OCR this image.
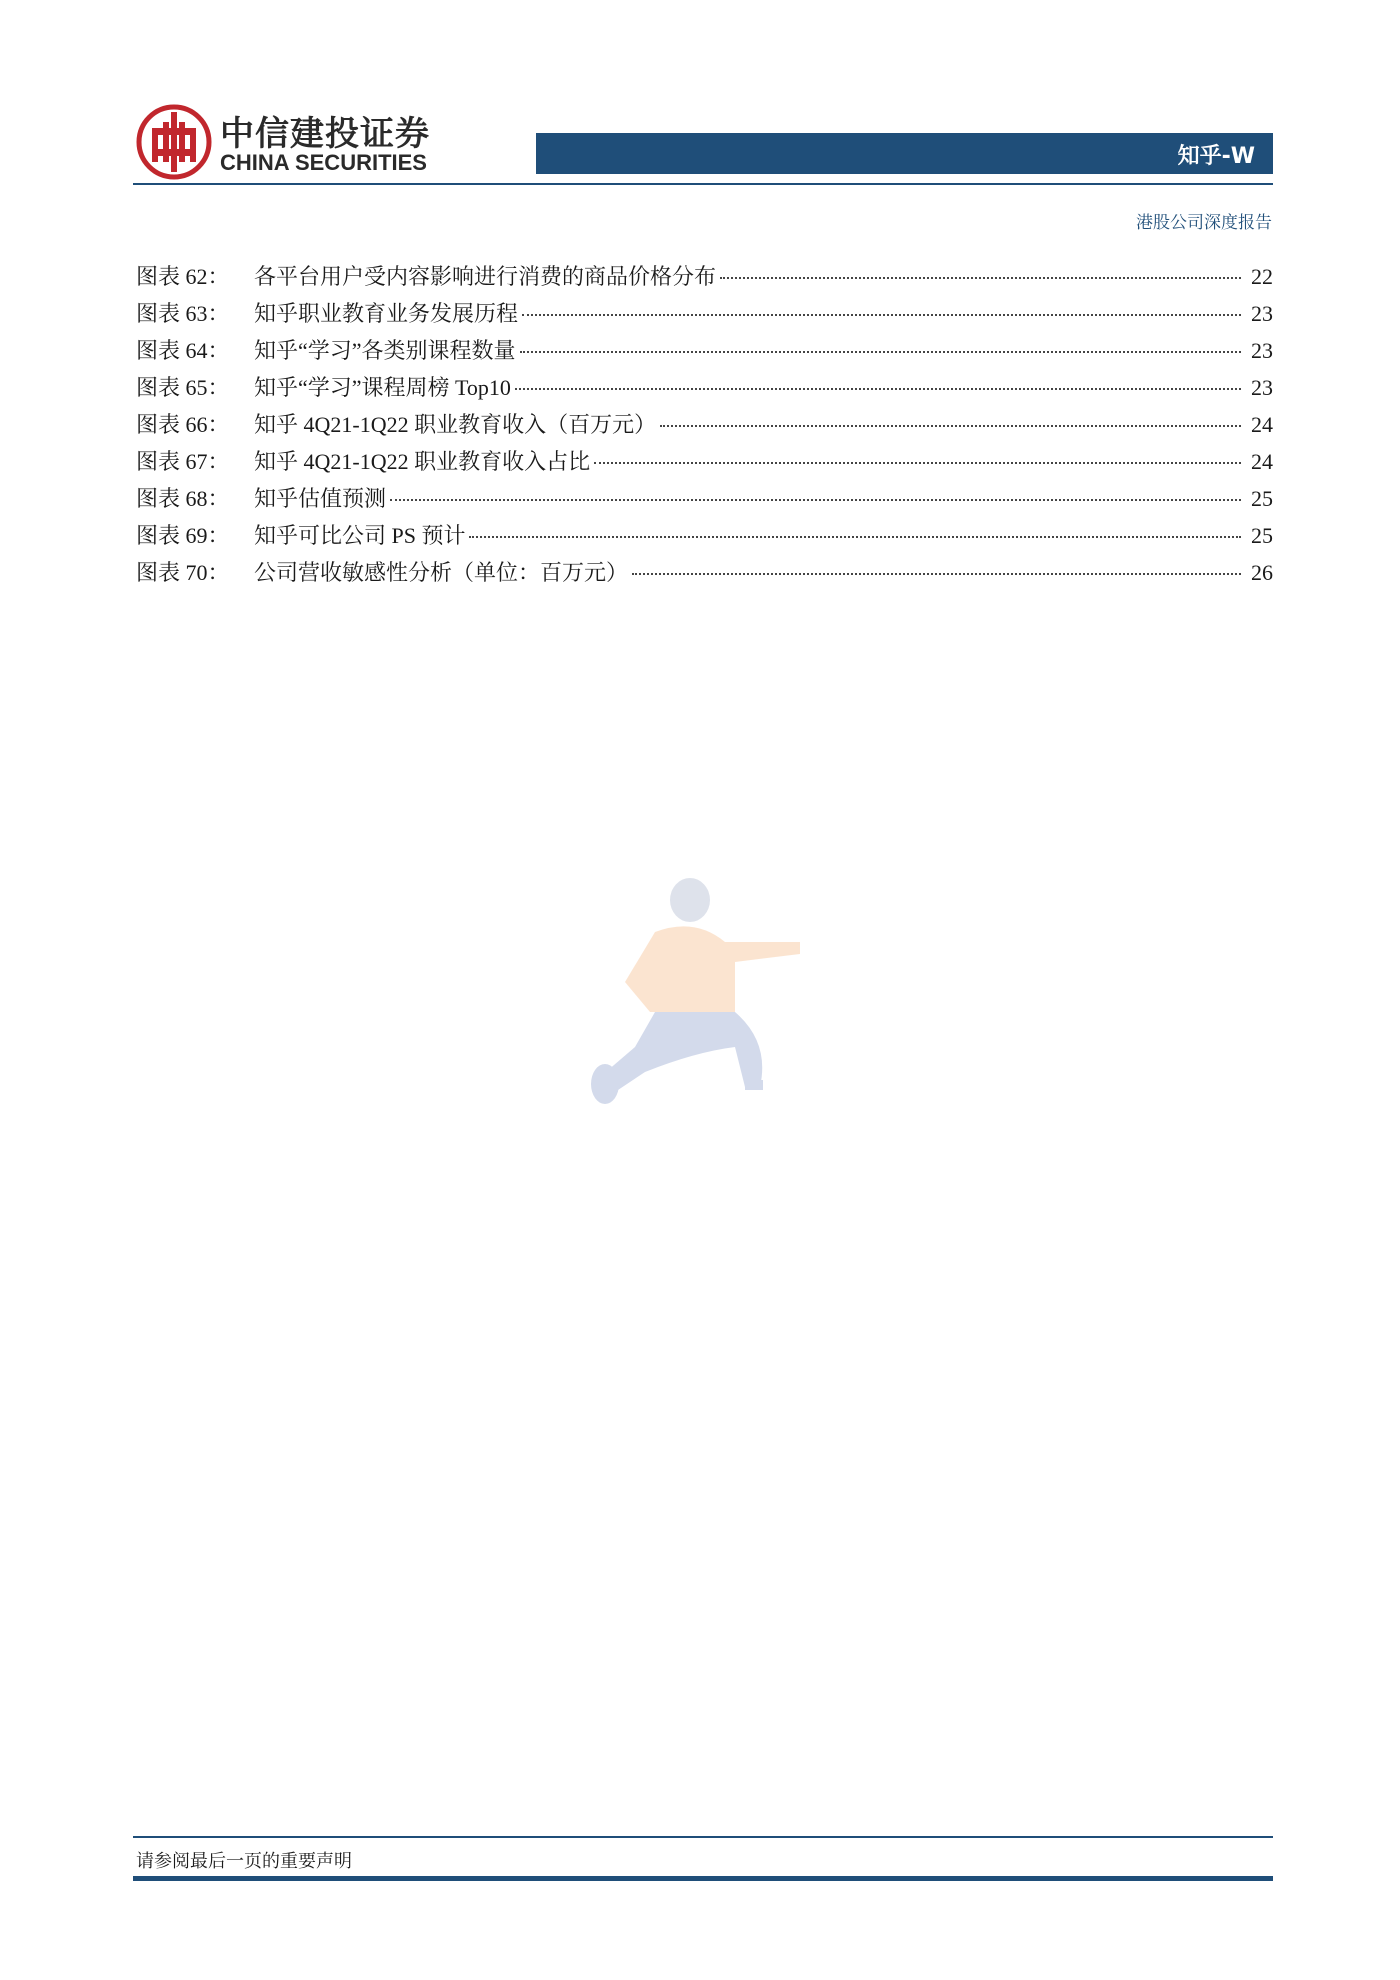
中信建投证券
CHINA SECURITIES	知乎-W
港股公司深度报告
图表 62：	各平台用户受内容影响进行消费的商品价格分布	22
图表 63：	知乎职业教育业务发展历程	23
图表 64：	知乎“学习”各类别课程数量	23
图表 65：	知乎“学习”课程周榜 Top10	23
图表 66：	知乎 4Q21-1Q22 职业教育收入（百万元）	24
图表 67：	知乎 4Q21-1Q22 职业教育收入占比	24
图表 68：	知乎估值预测	25
图表 69：	知乎可比公司 PS 预计	25
图表 70：	公司营收敏感性分析（单位：百万元）	26
请参阅最后一页的重要声明
